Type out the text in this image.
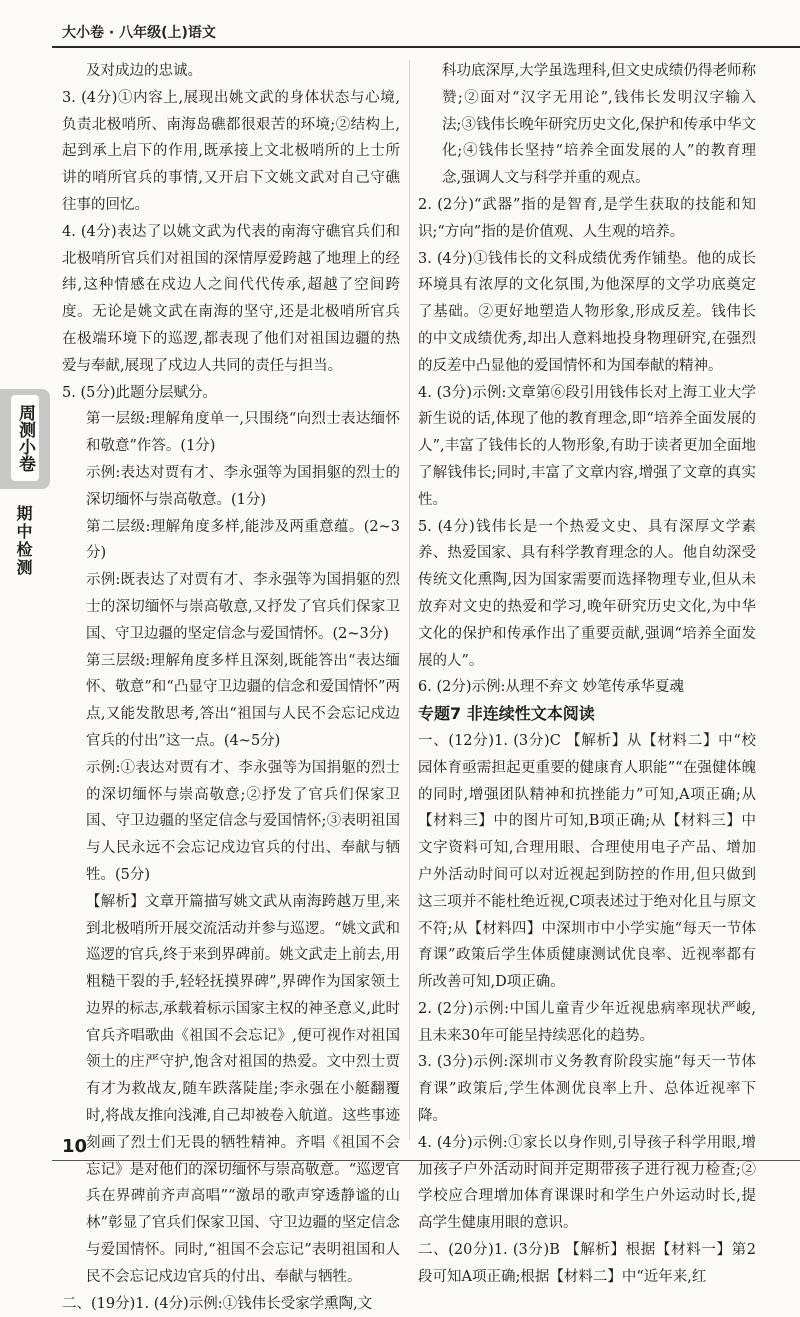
大小卷 · 八年级(上)语文
周测小卷
期中检测

及对成边的忠诚。

3. (4分)①内容上,展现出姚文武的身体状态与心境,负责北极哨所、南海岛礁都很艰苦的环境;②结构上,起到承上启下的作用,既承接上文北极哨所的上士所讲的哨所官兵的事情,又开启下文姚文武对自己守礁往事的回忆。

4. (4分)表达了以姚文武为代表的南海守礁官兵们和北极哨所官兵们对祖国的深情厚爱跨越了地理上的经纬,这种情感在戍边人之间代代传承,超越了空间跨度。无论是姚文武在南海的坚守,还是北极哨所官兵在极端环境下的巡逻,都表现了他们对祖国边疆的热爱与奉献,展现了戍边人共同的责任与担当。

5. (5分)此题分层赋分。

第一层级:理解角度单一,只围绕“向烈士表达缅怀和敬意”作答。(1分)

示例:表达对贾有才、李永强等为国捐躯的烈士的深切缅怀与崇高敬意。(1分)

第二层级:理解角度多样,能涉及两重意蕴。(2~3分)

示例:既表达了对贾有才、李永强等为国捐躯的烈士的深切缅怀与崇高敬意,又抒发了官兵们保家卫国、守卫边疆的坚定信念与爱国情怀。(2~3分)

第三层级:理解角度多样且深刻,既能答出“表达缅怀、敬意”和“凸显守卫边疆的信念和爱国情怀”两点,又能发散思考,答出“祖国与人民不会忘记戍边官兵的付出”这一点。(4~5分)

示例:①表达对贾有才、李永强等为国捐躯的烈士的深切缅怀与崇高敬意;②抒发了官兵们保家卫国、守卫边疆的坚定信念与爱国情怀;③表明祖国与人民永远不会忘记戍边官兵的付出、奉献与牺牲。(5分)

【解析】文章开篇描写姚文武从南海跨越万里,来到北极哨所开展交流活动并参与巡逻。“姚文武和巡逻的官兵,终于来到界碑前。姚文武走上前去,用粗糙干裂的手,轻轻抚摸界碑”,界碑作为国家领土边界的标志,承载着标示国家主权的神圣意义,此时官兵齐唱歌曲《祖国不会忘记》,便可视作对祖国领土的庄严守护,饱含对祖国的热爱。文中烈士贾有才为救战友,随车跌落陡崖;李永强在小艇翻覆时,将战友推向浅滩,自己却被卷入航道。这些事迹刻画了烈士们无畏的牺牲精神。齐唱《祖国不会忘记》是对他们的深切缅怀与崇高敬意。“巡逻官兵在界碑前齐声高唱”“激昂的歌声穿透静谧的山林”彰显了官兵们保家卫国、守卫边疆的坚定信念与爱国情怀。同时,“祖国不会忘记”表明祖国和人民不会忘记戍边官兵的付出、奉献与牺牲。

二、(19分)1. (4分)示例:①钱伟长受家学熏陶,文

科功底深厚,大学虽选理科,但文史成绩仍得老师称赞;②面对“汉字无用论”,钱伟长发明汉字输入法;③钱伟长晚年研究历史文化,保护和传承中华文化;④钱伟长坚持“培养全面发展的人”的教育理念,强调人文与科学并重的观点。

2. (2分)“武器”指的是智育,是学生获取的技能和知识;“方向”指的是价值观、人生观的培养。

3. (4分)①钱伟长的文科成绩优秀作铺垫。他的成长环境具有浓厚的文化氛围,为他深厚的文学功底奠定了基础。②更好地塑造人物形象,形成反差。钱伟长的中文成绩优秀,却出人意料地投身物理研究,在强烈的反差中凸显他的爱国情怀和为国奉献的精神。

4. (3分)示例:文章第⑥段引用钱伟长对上海工业大学新生说的话,体现了他的教育理念,即“培养全面发展的人”,丰富了钱伟长的人物形象,有助于读者更加全面地了解钱伟长;同时,丰富了文章内容,增强了文章的真实性。

5. (4分)钱伟长是一个热爱文史、具有深厚文学素养、热爱国家、具有科学教育理念的人。他自幼深受传统文化熏陶,因为国家需要而选择物理专业,但从未放弃对文史的热爱和学习,晚年研究历史文化,为中华文化的保护和传承作出了重要贡献,强调“培养全面发展的人”。

6. (2分)示例:从理不弃文 妙笔传承华夏魂

专题7 非连续性文本阅读

一、(12分)1. (3分)C 【解析】从【材料二】中“校园体育亟需担起更重要的健康育人职能”“在强健体魄的同时,增强团队精神和抗挫能力”可知,A项正确;从【材料三】中的图片可知,B项正确;从【材料三】中文字资料可知,合理用眼、合理使用电子产品、增加户外活动时间可以对近视起到防控的作用,但只做到这三项并不能杜绝近视,C项表述过于绝对化且与原文不符;从【材料四】中深圳市中小学实施“每天一节体育课”政策后学生体质健康测试优良率、近视率都有所改善可知,D项正确。

2. (2分)示例:中国儿童青少年近视患病率现状严峻,且未来30年可能呈持续恶化的趋势。

3. (3分)示例:深圳市义务教育阶段实施“每天一节体育课”政策后,学生体测优良率上升、总体近视率下降。

4. (4分)示例:①家长以身作则,引导孩子科学用眼,增加孩子户外活动时间并定期带孩子进行视力检查;②学校应合理增加体育课课时和学生户外运动时长,提高学生健康用眼的意识。

二、(20分)1. (3分)B 【解析】根据【材料一】第2段可知A项正确;根据【材料二】中“近年来,红

10
